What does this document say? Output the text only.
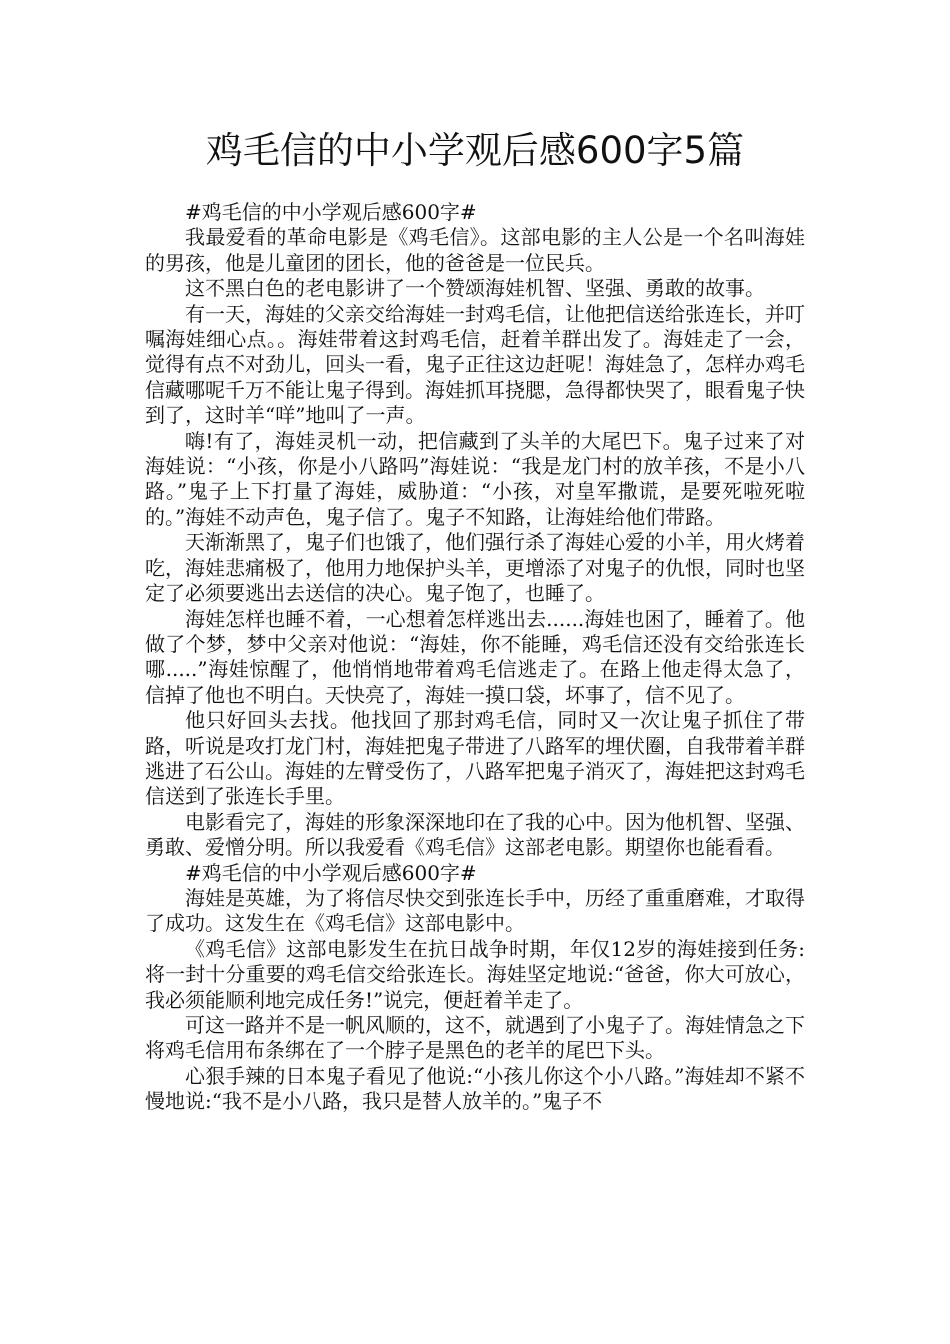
鸡毛信的中小学观后感600字5篇

#鸡毛信的中小学观后感600字#

我最爱看的革命电影是《鸡毛信》。这部电影的主人公是一个名叫海娃的男孩，他是儿童团的团长，他的爸爸是一位民兵。

这不黑白色的老电影讲了一个赞颂海娃机智、坚强、勇敢的故事。

有一天，海娃的父亲交给海娃一封鸡毛信，让他把信送给张连长，并叮嘱海娃细心点。。海娃带着这封鸡毛信，赶着羊群出发了。海娃走了一会，觉得有点不对劲儿，回头一看，鬼子正往这边赶呢！海娃急了，怎样办鸡毛信藏哪呢千万不能让鬼子得到。海娃抓耳挠腮，急得都快哭了，眼看鬼子快到了，这时羊“咩”地叫了一声。

嗨!有了，海娃灵机一动，把信藏到了头羊的大尾巴下。鬼子过来了对海娃说：“小孩，你是小八路吗”海娃说：“我是龙门村的放羊孩，不是小八路。”鬼子上下打量了海娃，威胁道：“小孩，对皇军撒谎，是要死啦死啦的。”海娃不动声色，鬼子信了。鬼子不知路，让海娃给他们带路。

天渐渐黑了，鬼子们也饿了，他们强行杀了海娃心爱的小羊，用火烤着吃，海娃悲痛极了，他用力地保护头羊，更增添了对鬼子的仇恨，同时也坚定了必须要逃出去送信的决心。鬼子饱了，也睡了。

海娃怎样也睡不着，一心想着怎样逃出去......海娃也困了，睡着了。他做了个梦，梦中父亲对他说：“海娃，你不能睡，鸡毛信还没有交给张连长哪.....”海娃惊醒了，他悄悄地带着鸡毛信逃走了。在路上他走得太急了，信掉了他也不明白。天快亮了，海娃一摸口袋，坏事了，信不见了。

他只好回头去找。他找回了那封鸡毛信，同时又一次让鬼子抓住了带路，听说是攻打龙门村，海娃把鬼子带进了八路军的埋伏圈，自我带着羊群逃进了石公山。海娃的左臂受伤了，八路军把鬼子消灭了，海娃把这封鸡毛信送到了张连长手里。

电影看完了，海娃的形象深深地印在了我的心中。因为他机智、坚强、勇敢、爱憎分明。所以我爱看《鸡毛信》这部老电影。期望你也能看看。

#鸡毛信的中小学观后感600字#

海娃是英雄，为了将信尽快交到张连长手中，历经了重重磨难，才取得了成功。这发生在《鸡毛信》这部电影中。

《鸡毛信》这部电影发生在抗日战争时期，年仅12岁的海娃接到任务:将一封十分重要的鸡毛信交给张连长。海娃坚定地说:“爸爸，你大可放心，我必须能顺利地完成任务!”说完，便赶着羊走了。

可这一路并不是一帆风顺的，这不，就遇到了小鬼子了。海娃情急之下将鸡毛信用布条绑在了一个脖子是黑色的老羊的尾巴下头。

心狠手辣的日本鬼子看见了他说:“小孩儿你这个小八路。”海娃却不紧不慢地说:“我不是小八路，我只是替人放羊的。”鬼子不
